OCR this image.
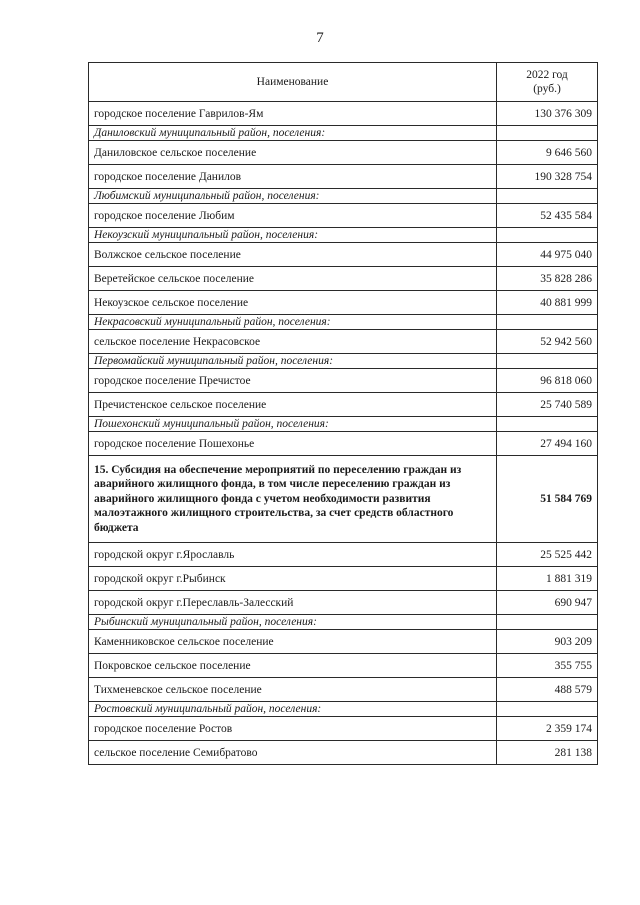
7
Наименование	2022 год
(руб.)

городское поселение Гаврилов-Ям	130 376 309
Даниловский муниципальный район, поселения:	
Даниловское сельское поселение	9 646 560
городское поселение Данилов	190 328 754
Любимский муниципальный район, поселения:	
городское поселение Любим	52 435 584
Некоузский муниципальный район, поселения:	
Волжское сельское поселение	44 975 040
Веретейское сельское поселение	35 828 286
Некоузское сельское поселение	40 881 999
Некрасовский муниципальный район, поселения:	
сельское поселение Некрасовское	52 942 560
Первомайский муниципальный район, поселения:	
городское поселение Пречистое	96 818 060
Пречистенское сельское поселение	25 740 589
Пошехонский муниципальный район, поселения:	
городское поселение Пошехонье	27 494 160
15. Субсидия на обеспечение мероприятий по переселению граждан из аварийного жилищного фонда, в том числе переселению граждан из аварийного жилищного фонда с учетом необходимости развития малоэтажного жилищного строительства, за счет средств областного бюджета	51 584 769
городской округ г.Ярославль	25 525 442
городской округ г.Рыбинск	1 881 319
городской округ г.Переславль-Залесский	690 947
Рыбинский муниципальный район, поселения:	
Каменниковское сельское поселение	903 209
Покровское сельское поселение	355 755
Тихменевское сельское поселение	488 579
Ростовский муниципальный район, поселения:	
городское поселение Ростов	2 359 174
сельское поселение Семибратово	281 138
